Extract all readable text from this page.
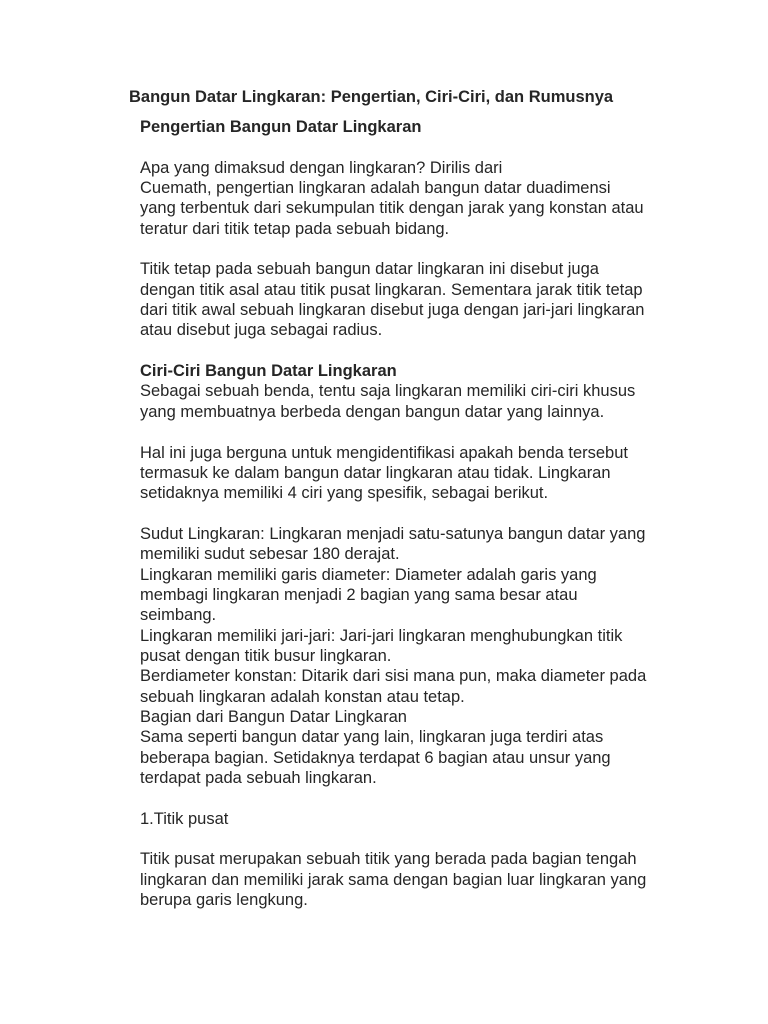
Bangun Datar Lingkaran: Pengertian, Ciri-Ciri, dan Rumusnya
Pengertian Bangun Datar Lingkaran
Apa yang dimaksud dengan lingkaran? Dirilis dari
Cuemath, pengertian lingkaran adalah bangun datar duadimensi
yang terbentuk dari sekumpulan titik dengan jarak yang konstan atau
teratur dari titik tetap pada sebuah bidang.
Titik tetap pada sebuah bangun datar lingkaran ini disebut juga
dengan titik asal atau titik pusat lingkaran. Sementara jarak titik tetap
dari titik awal sebuah lingkaran disebut juga dengan jari-jari lingkaran
atau disebut juga sebagai radius.
Ciri-Ciri Bangun Datar Lingkaran
Sebagai sebuah benda, tentu saja lingkaran memiliki ciri-ciri khusus
yang membuatnya berbeda dengan bangun datar yang lainnya.
Hal ini juga berguna untuk mengidentifikasi apakah benda tersebut
termasuk ke dalam bangun datar lingkaran atau tidak. Lingkaran
setidaknya memiliki 4 ciri yang spesifik, sebagai berikut.
Sudut Lingkaran: Lingkaran menjadi satu-satunya bangun datar yang
memiliki sudut sebesar 180 derajat.
Lingkaran memiliki garis diameter: Diameter adalah garis yang
membagi lingkaran menjadi 2 bagian yang sama besar atau
seimbang.
Lingkaran memiliki jari-jari: Jari-jari lingkaran menghubungkan titik
pusat dengan titik busur lingkaran.
Berdiameter konstan: Ditarik dari sisi mana pun, maka diameter pada
sebuah lingkaran adalah konstan atau tetap.
Bagian dari Bangun Datar Lingkaran
Sama seperti bangun datar yang lain, lingkaran juga terdiri atas
beberapa bagian. Setidaknya terdapat 6 bagian atau unsur yang
terdapat pada sebuah lingkaran.
1.Titik pusat
Titik pusat merupakan sebuah titik yang berada pada bagian tengah
lingkaran dan memiliki jarak sama dengan bagian luar lingkaran yang
berupa garis lengkung.
